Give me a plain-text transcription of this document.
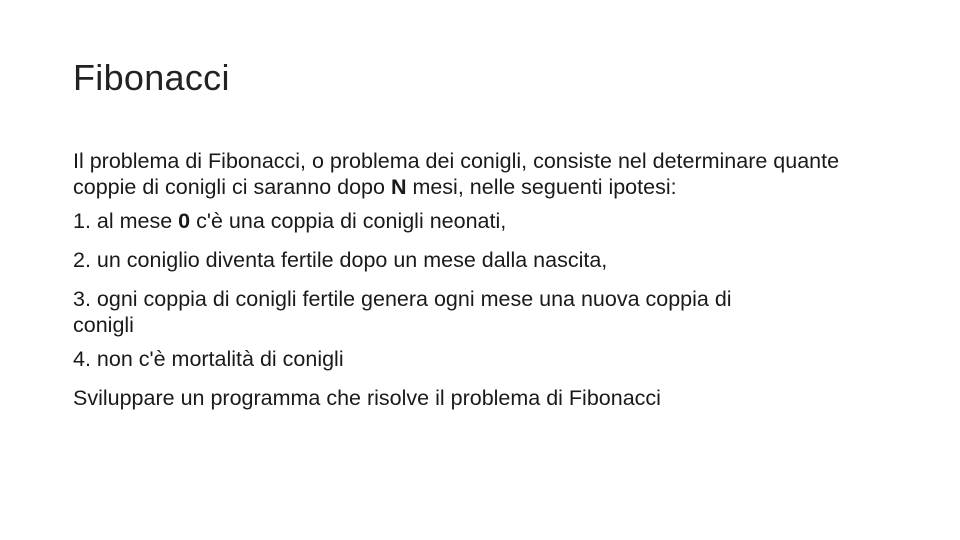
Fibonacci

Il problema di Fibonacci, o problema dei conigli, consiste nel determinare quante coppie di conigli ci saranno dopo N mesi, nelle seguenti ipotesi:

1. al mese 0 c'è una coppia di conigli neonati,

2. un coniglio diventa fertile dopo un mese dalla nascita,

3. ogni coppia di conigli fertile genera ogni mese una nuova coppia di conigli

4. non c'è mortalità di conigli

Sviluppare un programma che risolve il problema di Fibonacci
